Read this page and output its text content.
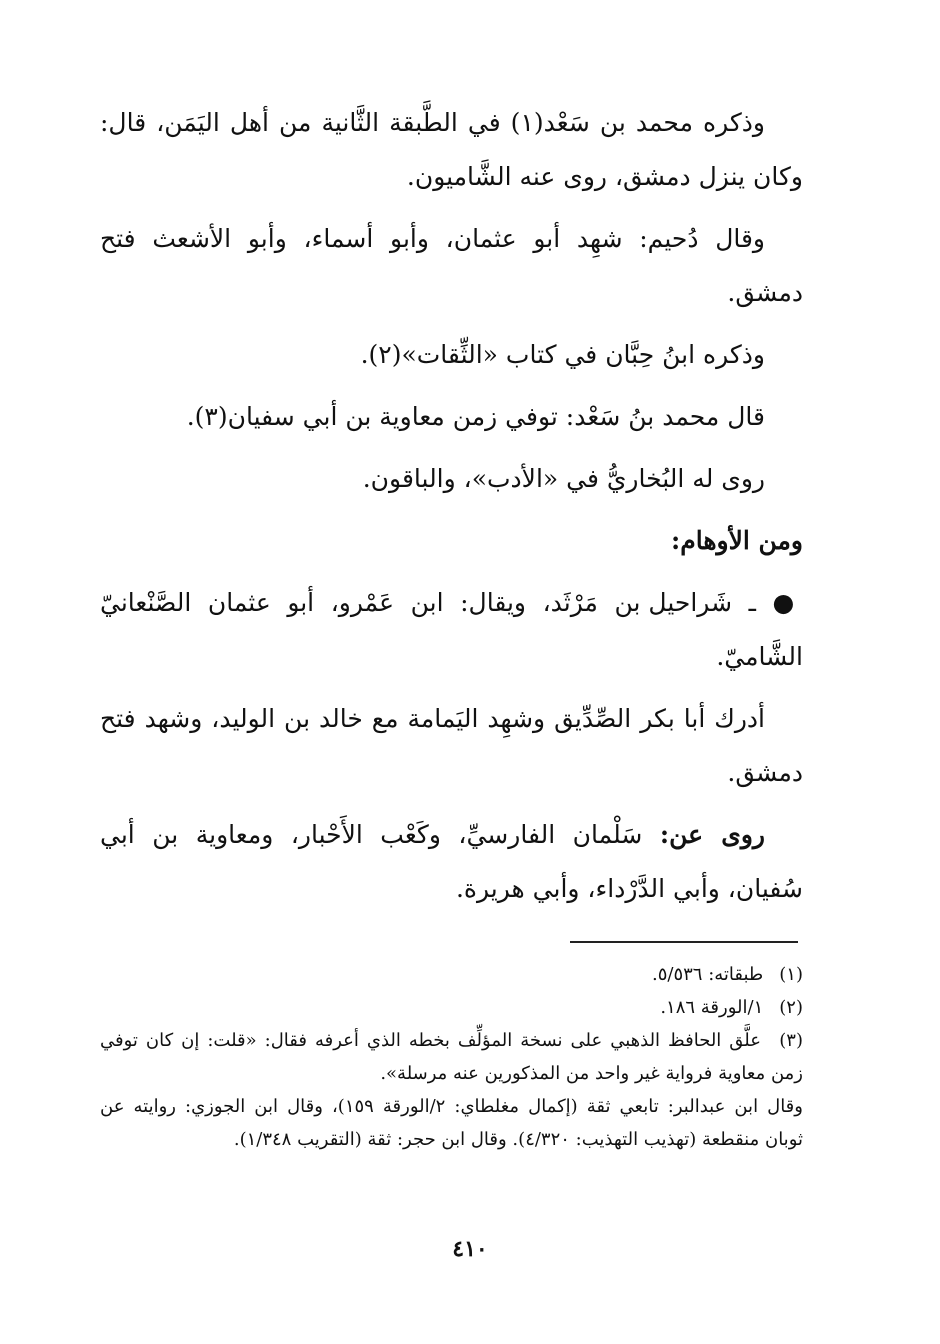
وذكره محمد بن سَعْد(١) في الطَّبقة الثَّانية من أهل اليَمَن، قال: وكان ينزل دمشق، روى عنه الشَّاميون.

وقال دُحيم: شهِد أبو عثمان، وأبو أسماء، وأبو الأشعث فتح دمشق.

وذكره ابنُ حِبَّان في كتاب «الثِّقات»(٢).

قال محمد بنُ سَعْد: توفي زمن معاوية بن أبي سفيان(٣).

روى له البُخاريُّ في «الأدب»، والباقون.

ومن الأوهام:

● ـ شَراحيل بن مَرْثَد، ويقال: ابن عَمْرو، أبو عثمان الصَّنْعانيّ الشَّاميّ.

أدرك أبا بكر الصِّدِّيق وشهِد اليَمامة مع خالد بن الوليد، وشهد فتح دمشق.

روى عن: سَلْمان الفارسيِّ، وكَعْب الأَحْبار، ومعاوية بن أبي سُفيان، وأبي الدَّرْداء، وأبي هريرة.

(١) طبقاته: ٥/٥٣٦.

(٢) ١/الورقة ١٨٦.

(٣) علَّق الحافظ الذهبي على نسخة المؤلِّف بخطه الذي أعرفه فقال: «قلت: إن كان توفي زمن معاوية فرواية غير واحد من المذكورين عنه مرسلة».

وقال ابن عبدالبر: تابعي ثقة (إكمال مغلطاي: ٢/الورقة ١٥٩)، وقال ابن الجوزي: روايته عن ثوبان منقطعة (تهذيب التهذيب: ٤/٣٢٠). وقال ابن حجر: ثقة (التقريب ١/٣٤٨).

٤١٠
